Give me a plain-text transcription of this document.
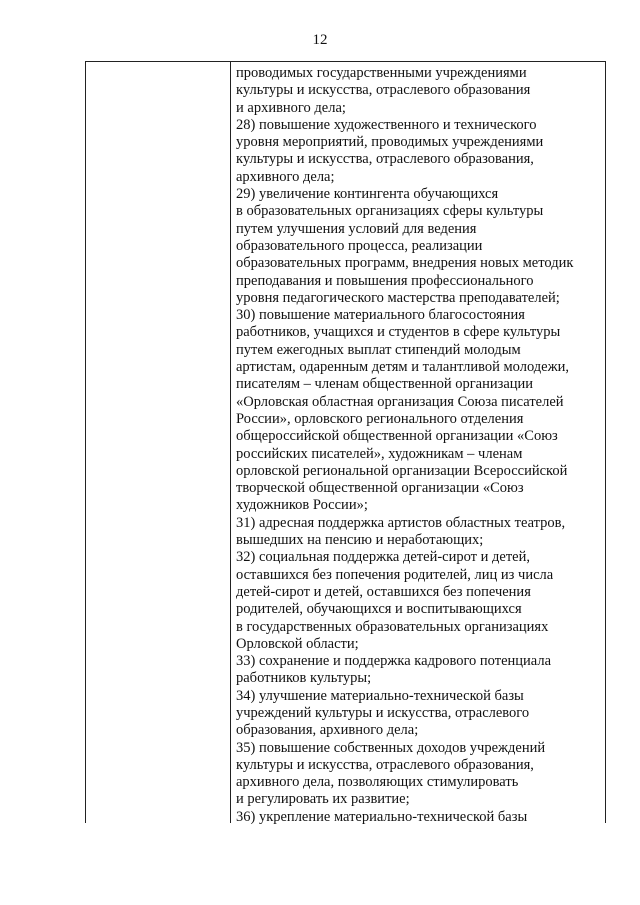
12
проводимых государственными учреждениями
культуры и искусства, отраслевого образования
и архивного дела;
28) повышение художественного и технического
уровня мероприятий, проводимых учреждениями
культуры и искусства, отраслевого образования,
архивного дела;
29) увеличение контингента обучающихся
в образовательных организациях сферы культуры
путем улучшения условий для ведения
образовательного процесса, реализации
образовательных программ, внедрения новых методик
преподавания и повышения профессионального
уровня педагогического мастерства преподавателей;
30) повышение материального благосостояния
работников, учащихся и студентов в сфере культуры
путем ежегодных выплат стипендий молодым
артистам, одаренным детям и талантливой молодежи,
писателям – членам общественной организации
«Орловская областная организация Союза писателей
России», орловского регионального отделения
общероссийской общественной организации «Союз
российских писателей», художникам – членам
орловской региональной организации Всероссийской
творческой общественной организации «Союз
художников России»;
31) адресная поддержка артистов областных театров,
вышедших на пенсию и неработающих;
32) социальная поддержка детей-сирот и детей,
оставшихся без попечения родителей, лиц из числа
детей-сирот и детей, оставшихся без попечения
родителей, обучающихся и воспитывающихся
в государственных образовательных организациях
Орловской области;
33) сохранение и поддержка кадрового потенциала
работников культуры;
34) улучшение материально-технической базы
учреждений культуры и искусства, отраслевого
образования, архивного дела;
35) повышение собственных доходов учреждений
культуры и искусства, отраслевого образования,
архивного дела, позволяющих стимулировать
и регулировать их развитие;
36) укрепление материально-технической базы
